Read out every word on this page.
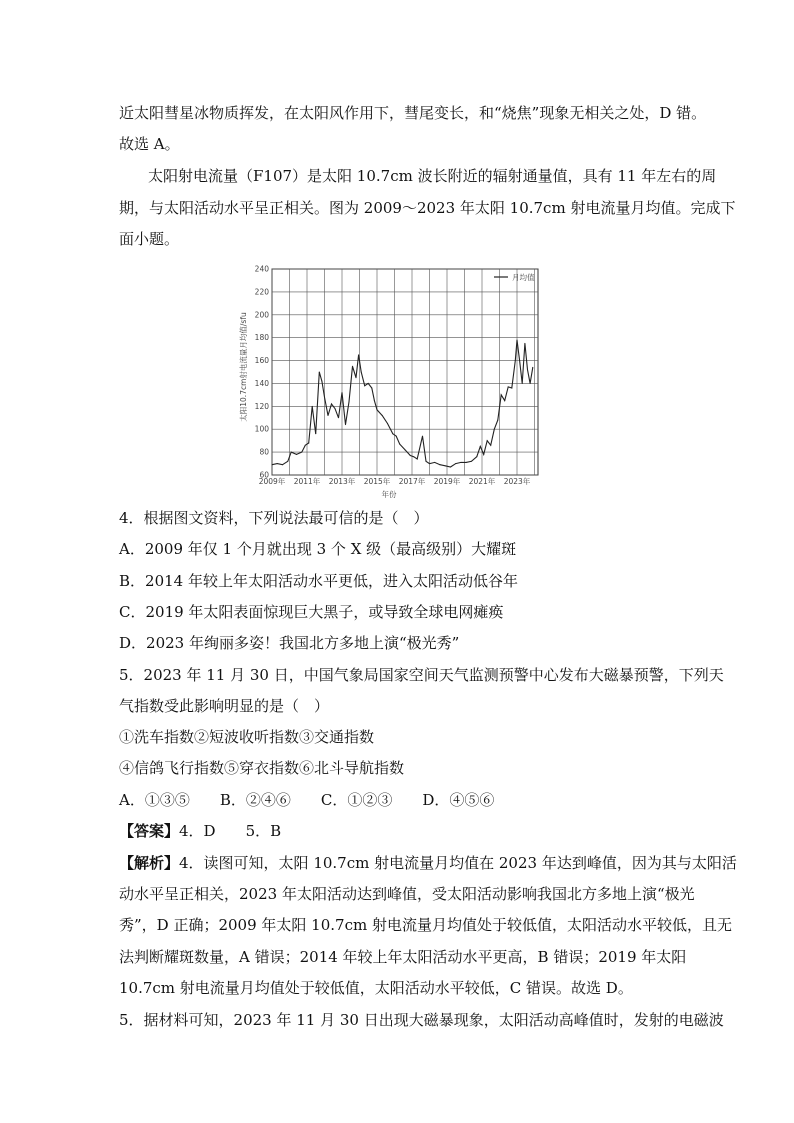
近太阳彗星冰物质挥发，在太阳风作用下，彗尾变长，和“烧焦”现象无相关之处，D 错。
故选 A。
太阳射电流量（F107）是太阳 10.7cm 波长附近的辐射通量值，具有 11 年左右的周
期，与太阳活动水平呈正相关。图为 2009～2023 年太阳 10.7cm 射电流量月均值。完成下
面小题。
60
80
100
120
140
160
180
200
220
240
2009年 2011年 2013年 2015年 2017年 2019年 2021年 2023年
太阳10.7cm射电流量月均值/sfu
年份
月均值
4．根据图文资料，下列说法最可信的是（　）
A．2009 年仅 1 个月就出现 3 个 X 级（最高级别）大耀斑
B．2014 年较上年太阳活动水平更低，进入太阳活动低谷年
C．2019 年太阳表面惊现巨大黑子，或导致全球电网瘫痪
D．2023 年绚丽多姿！我国北方多地上演“极光秀”
5．2023 年 11 月 30 日，中国气象局国家空间天气监测预警中心发布大磁暴预警，下列天
气指数受此影响明显的是（　）
①洗车指数②短波收听指数③交通指数
④信鸽飞行指数⑤穿衣指数⑥北斗导航指数
A．①③⑤　　B．②④⑥　　C．①②③　　D．④⑤⑥
【答案】4．D　　5．B
【解析】4．读图可知，太阳 10.7cm 射电流量月均值在 2023 年达到峰值，因为其与太阳活
动水平呈正相关，2023 年太阳活动达到峰值，受太阳活动影响我国北方多地上演“极光
秀”，D 正确；2009 年太阳 10.7cm 射电流量月均值处于较低值，太阳活动水平较低，且无
法判断耀斑数量，A 错误；2014 年较上年太阳活动水平更高，B 错误；2019 年太阳
10.7cm 射电流量月均值处于较低值，太阳活动水平较低，C 错误。故选 D。
5．据材料可知，2023 年 11 月 30 日出现大磁暴现象，太阳活动高峰值时，发射的电磁波
